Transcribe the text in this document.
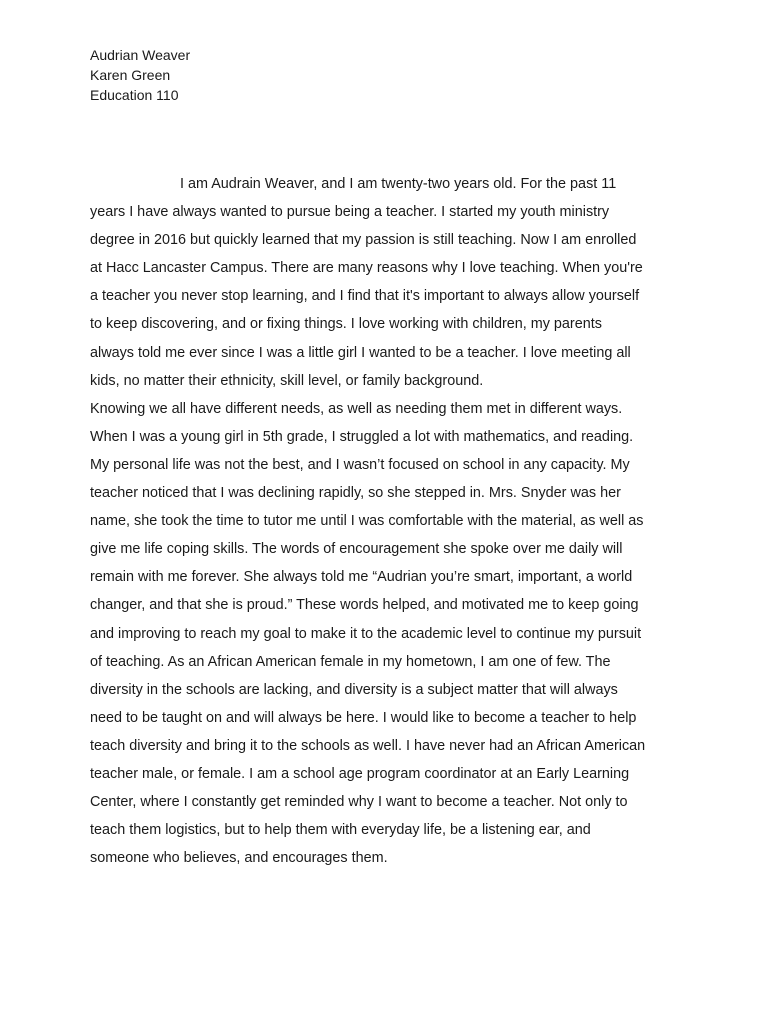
Audrian Weaver
Karen Green
Education 110
I am Audrain Weaver, and I am twenty-two years old. For the past 11
years I have always wanted to pursue being a teacher. I started my youth ministry
degree in 2016 but quickly learned that my passion is still teaching. Now I am enrolled
at Hacc Lancaster Campus. There are many reasons why I love teaching. When you're
a teacher you never stop learning, and I find that it's important to always allow yourself
to keep discovering, and or fixing things. I love working with children, my parents
always told me ever since I was a little girl I wanted to be a teacher. I love meeting all
kids, no matter their ethnicity, skill level, or family background.
Knowing we all have different needs, as well as needing them met in different ways.
When I was a young girl in 5th grade, I struggled a lot with mathematics, and reading.
My personal life was not the best, and I wasn’t focused on school in any capacity. My
teacher noticed that I was declining rapidly, so she stepped in. Mrs. Snyder was her
name, she took the time to tutor me until I was comfortable with the material, as well as
give me life coping skills. The words of encouragement she spoke over me daily will
remain with me forever. She always told me “Audrian you’re smart, important, a world
changer, and that she is proud.” These words helped, and motivated me to keep going
and improving to reach my goal to make it to the academic level to continue my pursuit
of teaching. As an African American female in my hometown, I am one of few. The
diversity in the schools are lacking, and diversity is a subject matter that will always
need to be taught on and will always be here. I would like to become a teacher to help
teach diversity and bring it to the schools as well. I have never had an African American
teacher male, or female. I am a school age program coordinator at an Early Learning
Center, where I constantly get reminded why I want to become a teacher. Not only to
teach them logistics, but to help them with everyday life, be a listening ear, and
someone who believes, and encourages them.
